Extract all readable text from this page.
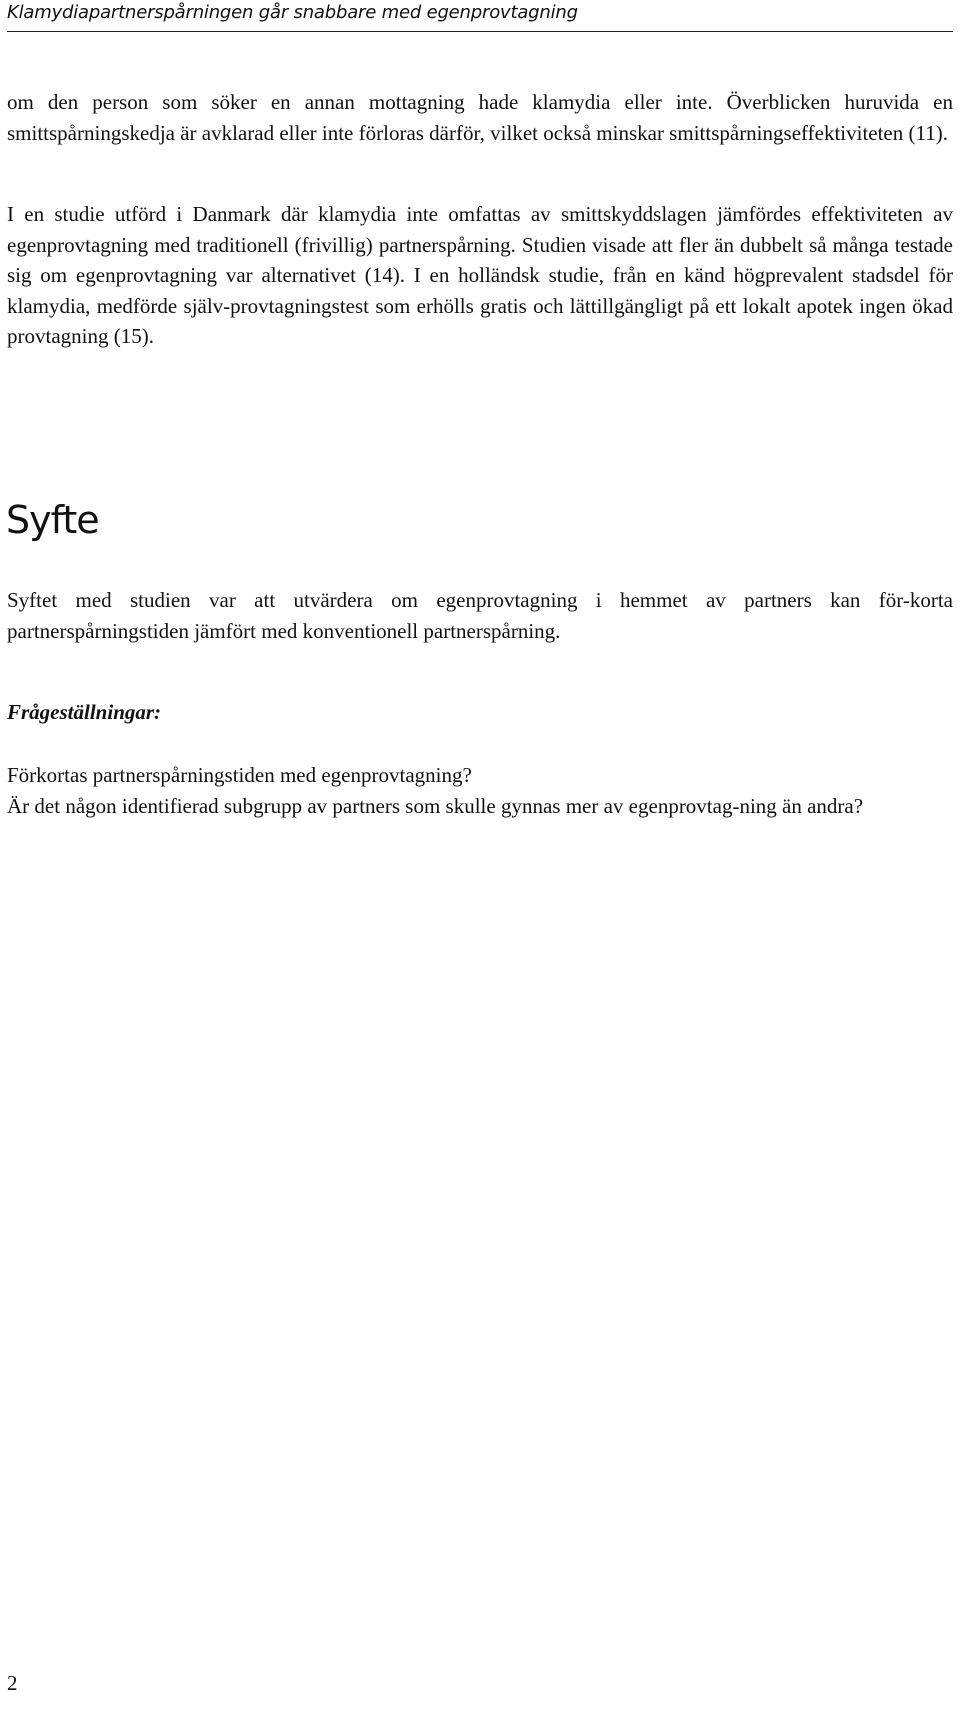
Klamydiapartnerspårningen går snabbare med egenprovtagning

om den person som söker en annan mottagning hade klamydia eller inte. Överblicken huruvida en smittspårningskedja är avklarad eller inte förloras därför, vilket också minskar smittspårningseffektiviteten (11).

I en studie utförd i Danmark där klamydia inte omfattas av smittskyddslagen jämfördes effektiviteten av egenprovtagning med traditionell (frivillig) partnerspårning. Studien visade att fler än dubbelt så många testade sig om egenprovtagning var alternativet (14). I en holländsk studie, från en känd högprevalent stadsdel för klamydia, medförde själv-provtagningstest som erhölls gratis och lättillgängligt på ett lokalt apotek ingen ökad provtagning (15).

Syfte

Syftet med studien var att utvärdera om egenprovtagning i hemmet av partners kan för-korta partnerspårningstiden jämfört med konventionell partnerspårning.

Frågeställningar:
Förkortas partnerspårningstiden med egenprovtagning?
Är det någon identifierad subgrupp av partners som skulle gynnas mer av egenprovtag-ning än andra?
2
